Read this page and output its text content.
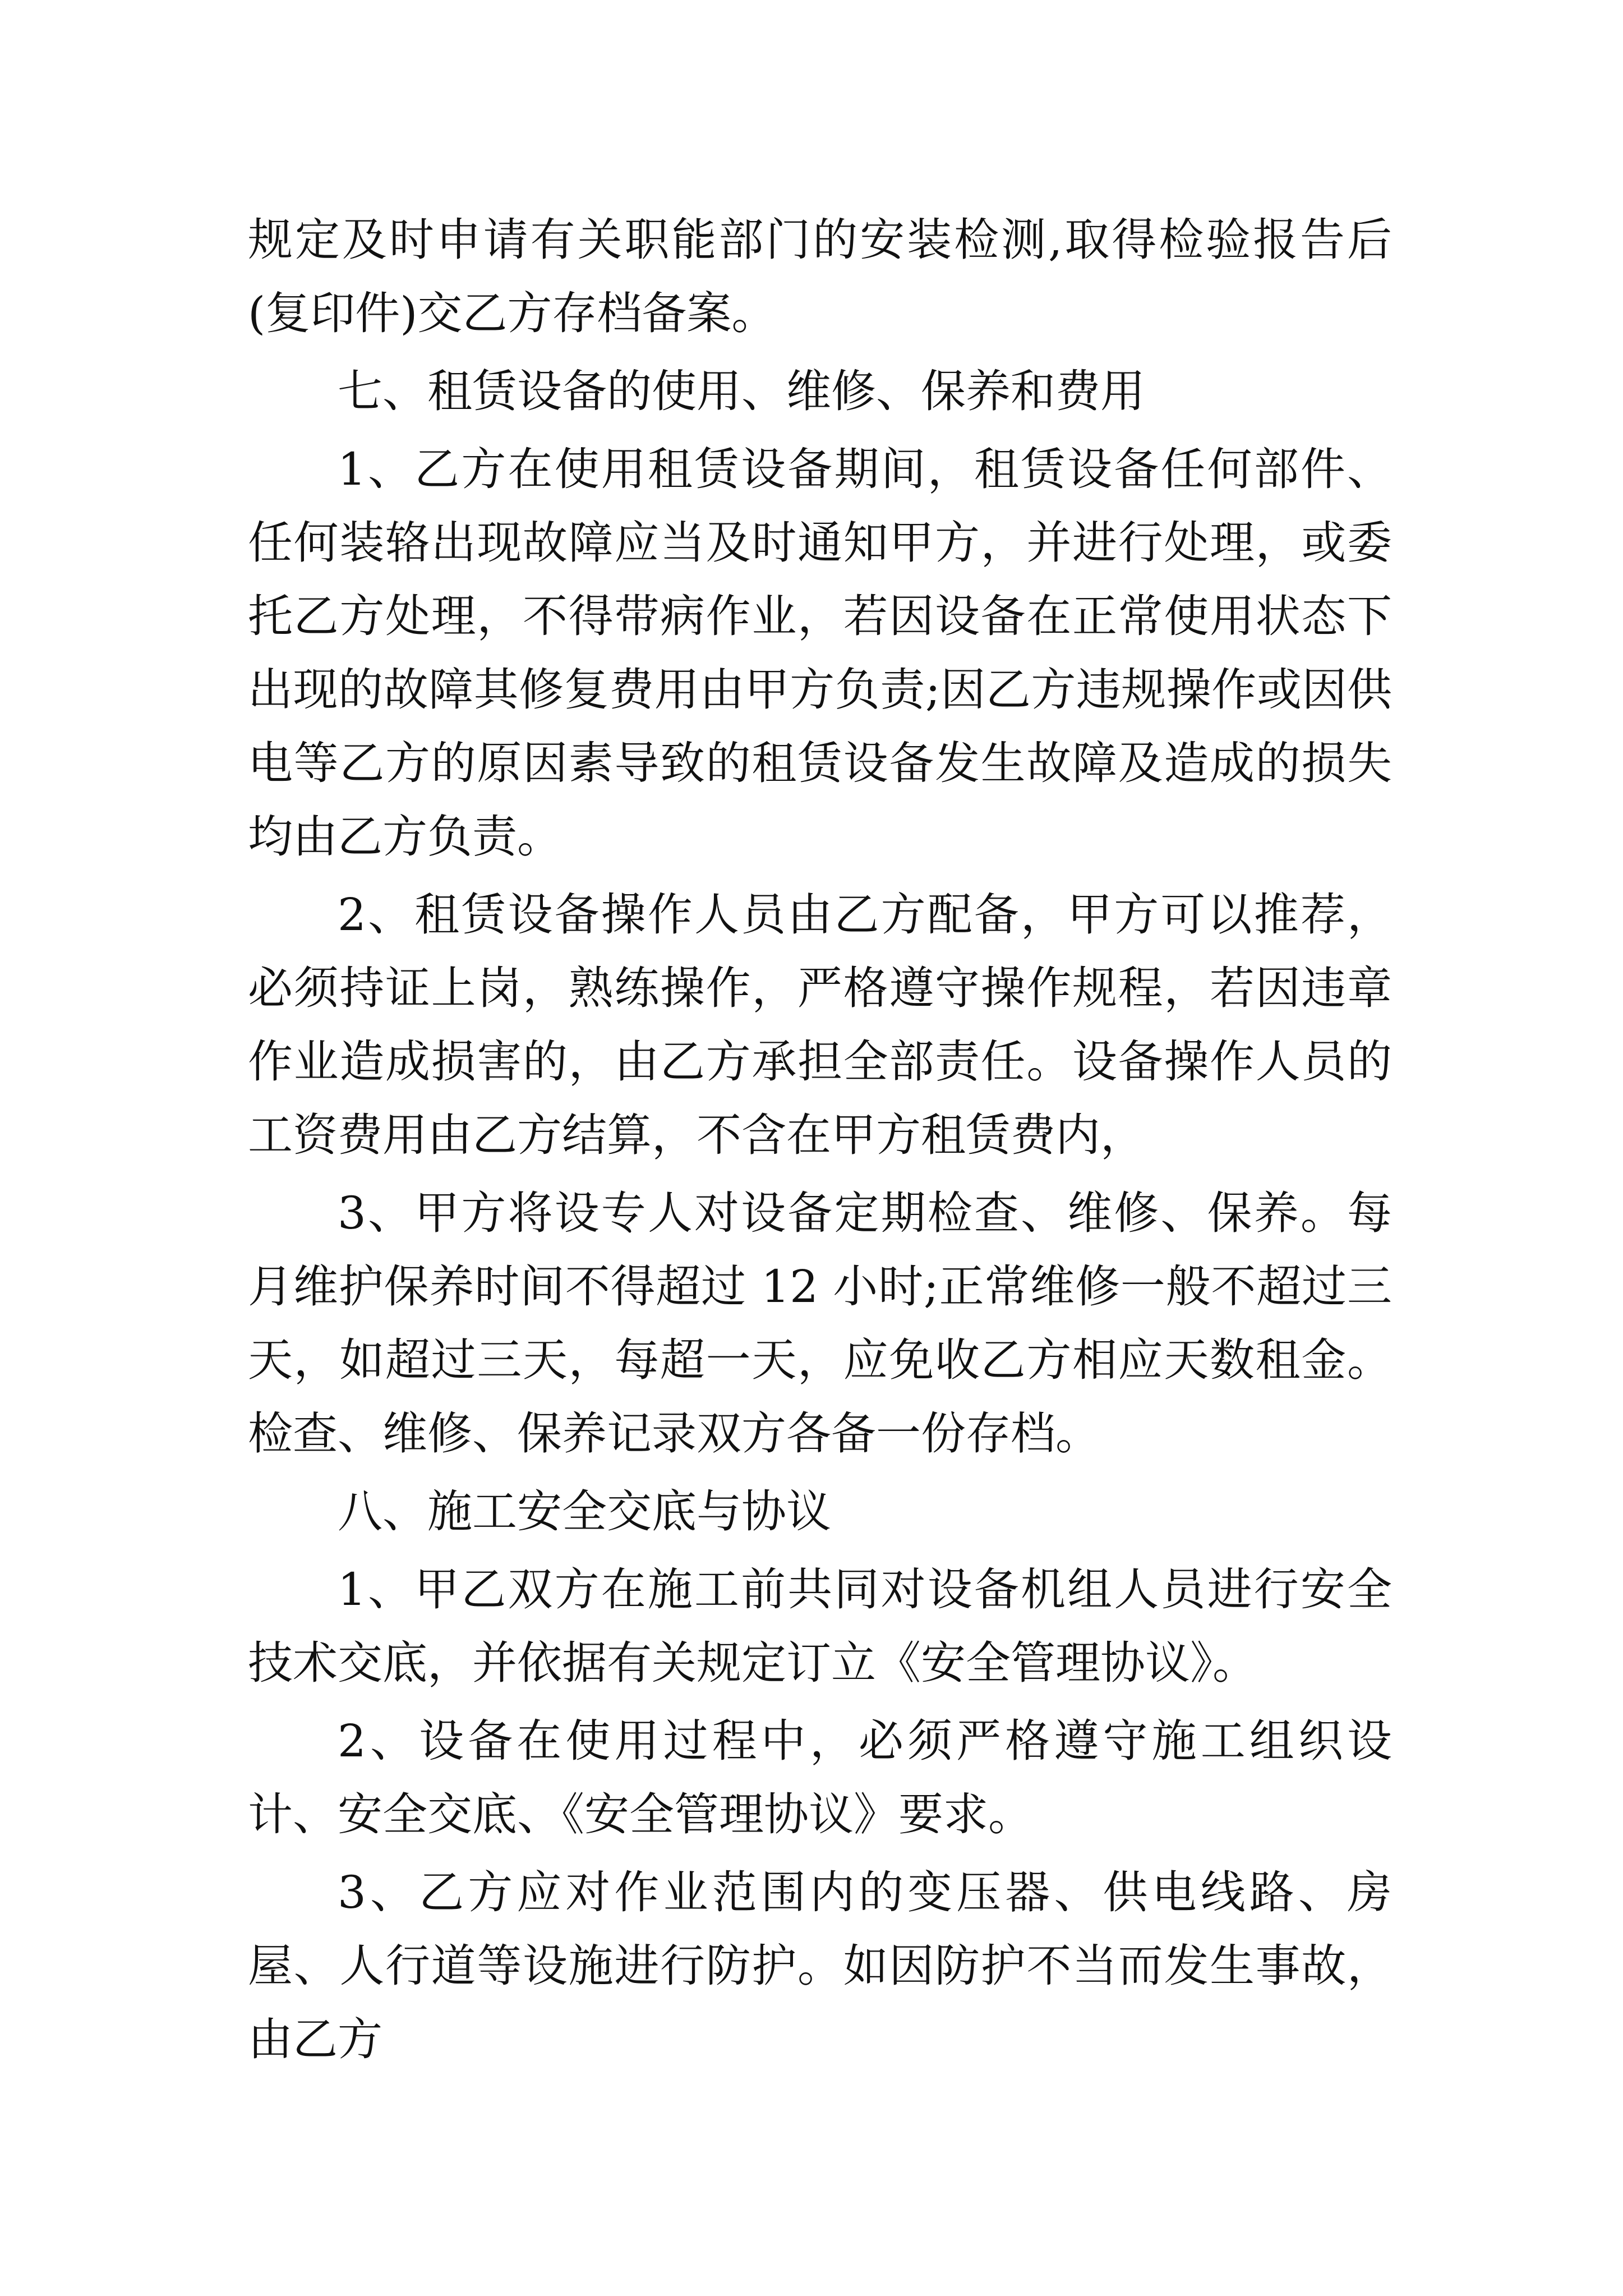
规定及时申请有关职能部门的安装检测,取得检验报告后(复印件)交乙方存档备案。

七、租赁设备的使用、维修、保养和费用

1、乙方在使用租赁设备期间，租赁设备任何部件、任何装辂出现故障应当及时通知甲方，并进行处理，或委托乙方处理，不得带病作业，若因设备在正常使用状态下出现的故障其修复费用由甲方负责;因乙方违规操作或因供电等乙方的原因素导致的租赁设备发生故障及造成的损失均由乙方负责。

2、租赁设备操作人员由乙方配备，甲方可以推荐，必须持证上岗，熟练操作，严格遵守操作规程，若因违章作业造成损害的，由乙方承担全部责任。设备操作人员的工资费用由乙方结算，不含在甲方租赁费内，

3、甲方将设专人对设备定期检查、维修、保养。每月维护保养时间不得超过 12 小时;正常维修一般不超过三天，如超过三天，每超一天，应免收乙方相应天数租金。检查、维修、保养记录双方各备一份存档。

八、施工安全交底与协议

1、甲乙双方在施工前共同对设备机组人员进行安全技术交底，并依据有关规定订立《安全管理协议》。

2、设备在使用过程中，必须严格遵守施工组织设计、安全交底、《安全管理协议》要求。

3、乙方应对作业范围内的变压器、供电线路、房屋、人行道等设施进行防护。如因防护不当而发生事故，由乙方
